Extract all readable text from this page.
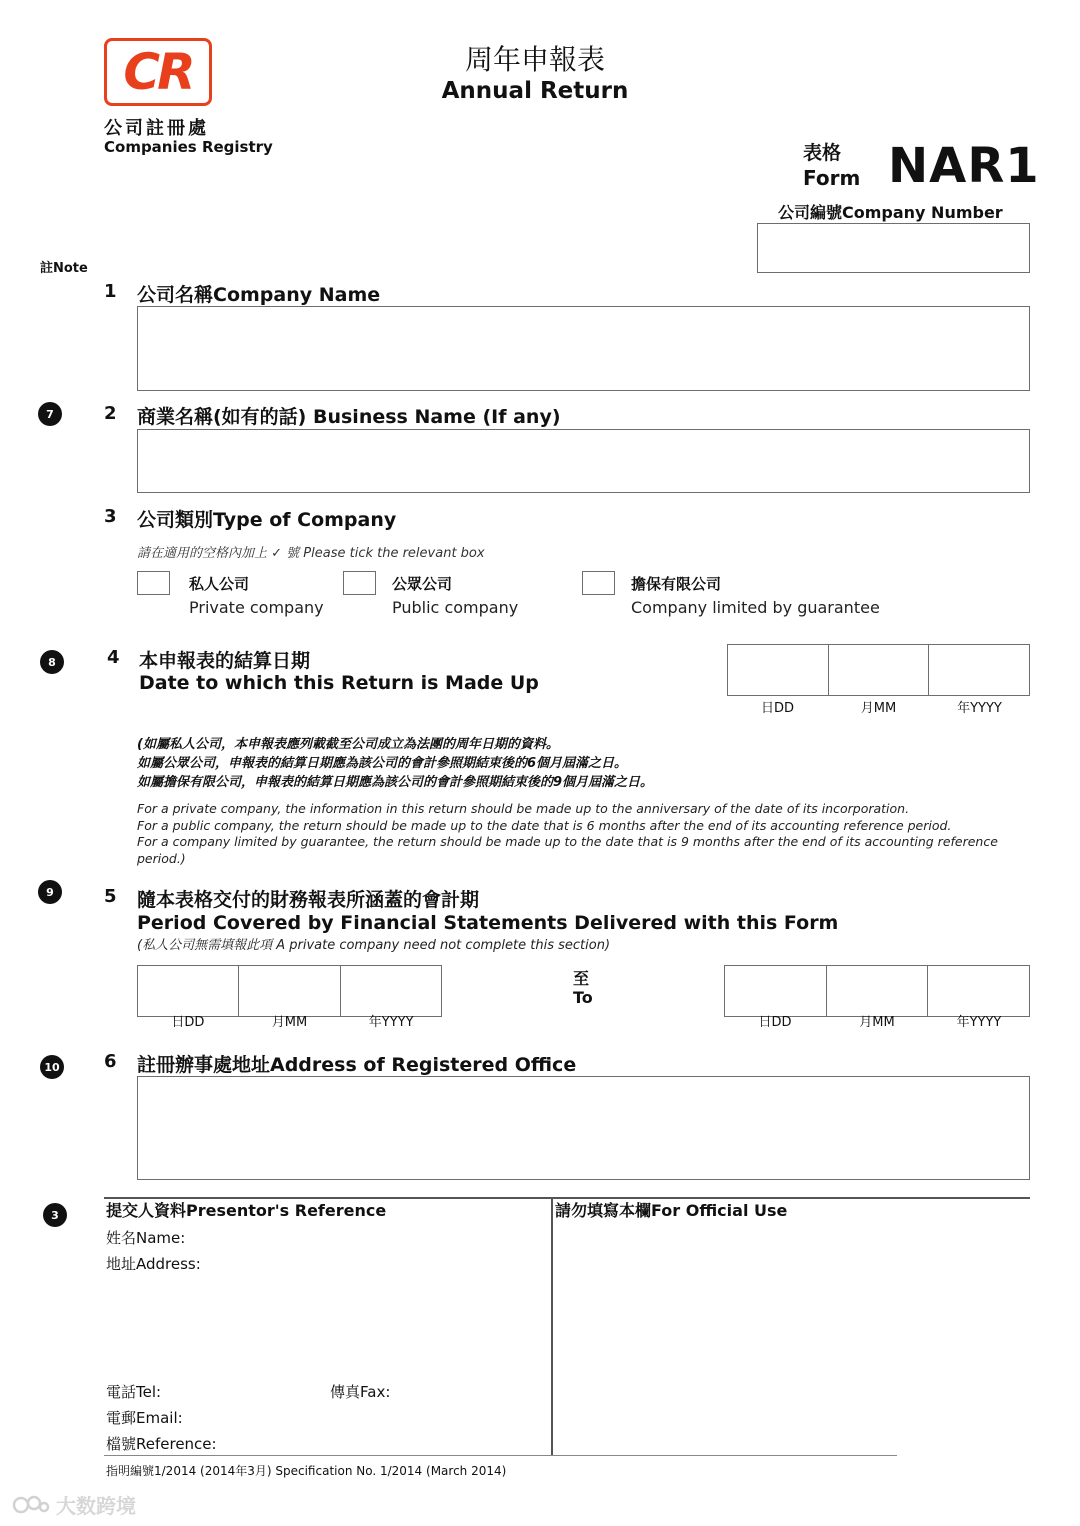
CR
公司註冊處
Companies Registry
周年申報表
Annual Return
表格
Form NAR1
公司編號Company Number
註Note
1 公司名稱Company Name
7	2 商業名稱(如有的話) Business Name (If any)
3 公司類別Type of Company
請在適用的空格內加上 ✓ 號 Please tick the relevant box
私人公司
Private company
公眾公司
Public company
擔保有限公司
Company limited by guarantee
8	4 本申報表的結算日期
Date to which this Return is Made Up
日DD	月MM	年YYYY
(如屬私人公司，本申報表應列載截至公司成立為法團的周年日期的資料。
如屬公眾公司，申報表的結算日期應為該公司的會計參照期結束後的6個月屆滿之日。
如屬擔保有限公司，申報表的結算日期應為該公司的會計參照期結束後的9個月屆滿之日。
For a private company, the information in this return should be made up to the anniversary of the date of its incorporation.
For a public company, the return should be made up to the date that is 6 months after the end of its accounting reference period.
For a company limited by guarantee, the return should be made up to the date that is 9 months after the end of its accounting reference
period.)
9	5 隨本表格交付的財務報表所涵蓋的會計期
Period Covered by Financial Statements Delivered with this Form
(私人公司無需填報此項 A private company need not complete this section)
日DD	月MM	年YYYY
至
To
日DD	月MM	年YYYY
10 6 註冊辦事處地址Address of Registered Office
3	提交人資料Presentor's Reference
姓名Name:
地址Address:
電話Tel:	傳真Fax:
電郵Email:
檔號Reference:
請勿填寫本欄For Official Use
指明編號1/2014 (2014年3月) Specification No. 1/2014 (March 2014)
大数跨境
